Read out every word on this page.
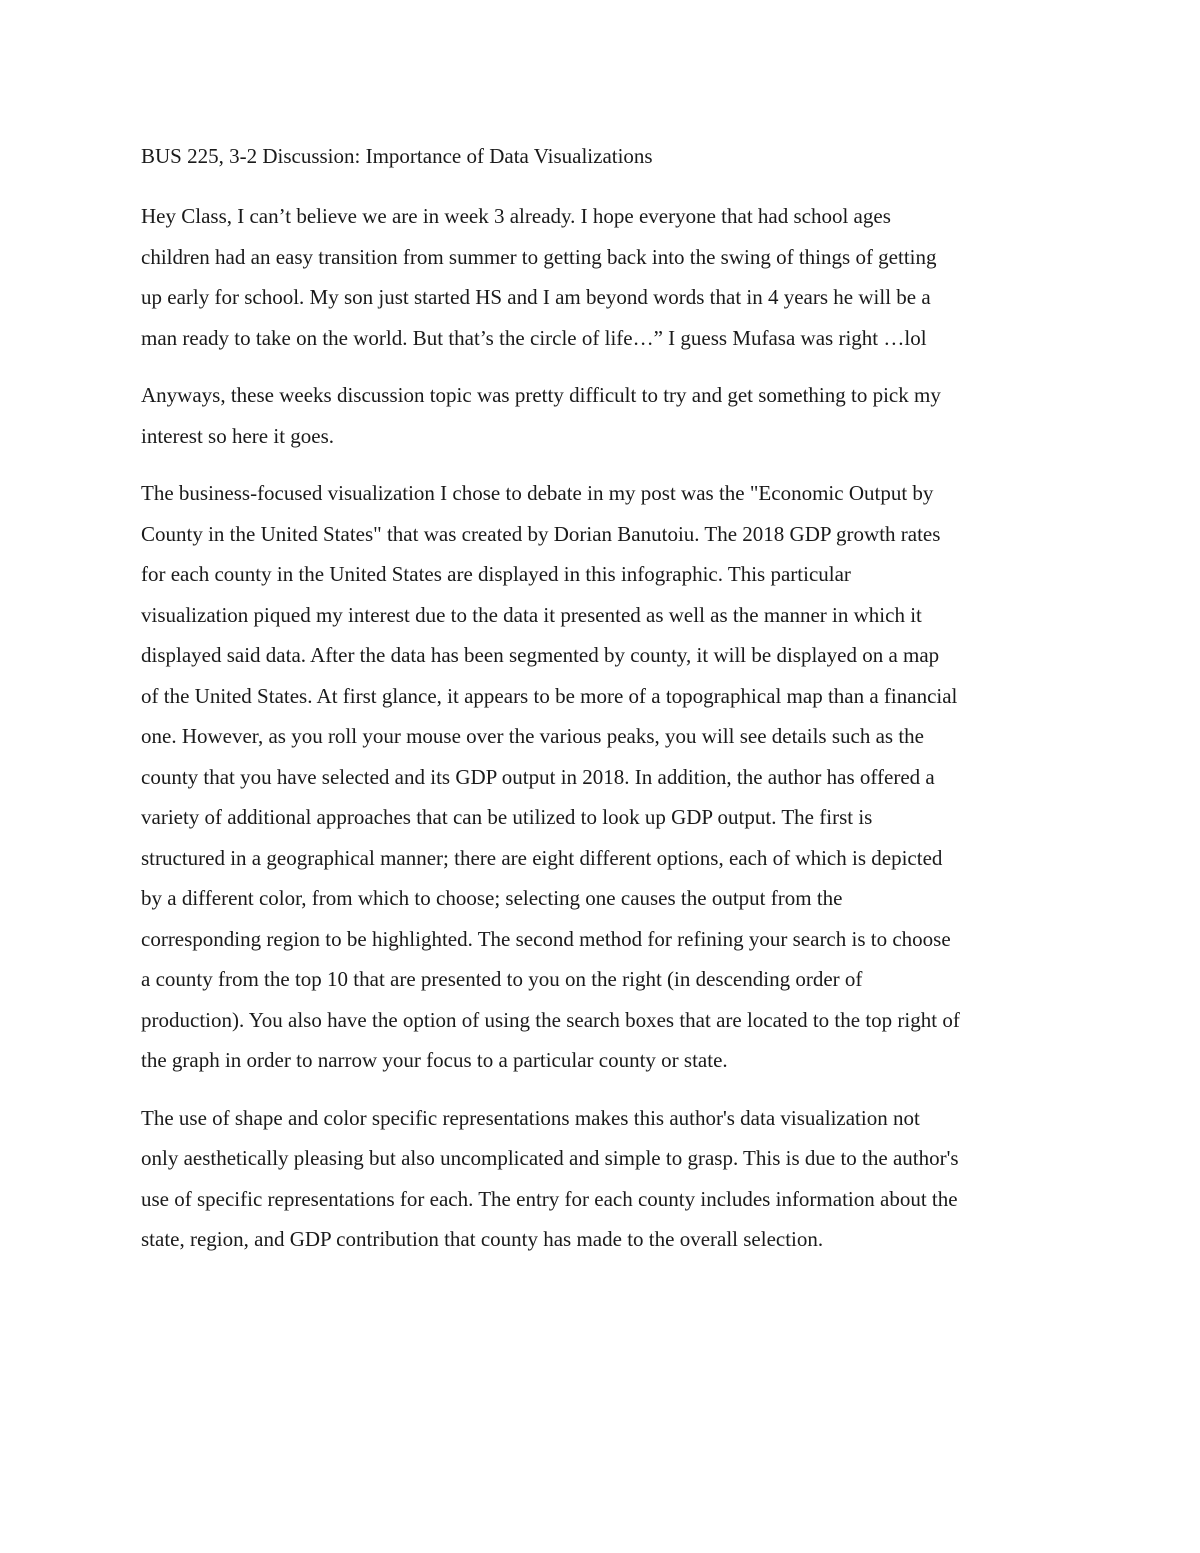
BUS 225, 3-2 Discussion: Importance of Data Visualizations

Hey Class, I can’t believe we are in week 3 already. I hope everyone that had school ages
children had an easy transition from summer to getting back into the swing of things of getting
up early for school. My son just started HS and I am beyond words that in 4 years he will be a
man ready to take on the world. But that’s the circle of life…” I guess Mufasa was right …lol

Anyways, these weeks discussion topic was pretty difficult to try and get something to pick my
interest so here it goes.

The business-focused visualization I chose to debate in my post was the "Economic Output by
County in the United States" that was created by Dorian Banutoiu. The 2018 GDP growth rates
for each county in the United States are displayed in this infographic. This particular
visualization piqued my interest due to the data it presented as well as the manner in which it
displayed said data. After the data has been segmented by county, it will be displayed on a map
of the United States. At first glance, it appears to be more of a topographical map than a financial
one. However, as you roll your mouse over the various peaks, you will see details such as the
county that you have selected and its GDP output in 2018. In addition, the author has offered a
variety of additional approaches that can be utilized to look up GDP output. The first is
structured in a geographical manner; there are eight different options, each of which is depicted
by a different color, from which to choose; selecting one causes the output from the
corresponding region to be highlighted. The second method for refining your search is to choose
a county from the top 10 that are presented to you on the right (in descending order of
production). You also have the option of using the search boxes that are located to the top right of
the graph in order to narrow your focus to a particular county or state.

The use of shape and color specific representations makes this author's data visualization not
only aesthetically pleasing but also uncomplicated and simple to grasp. This is due to the author's
use of specific representations for each. The entry for each county includes information about the
state, region, and GDP contribution that county has made to the overall selection.
